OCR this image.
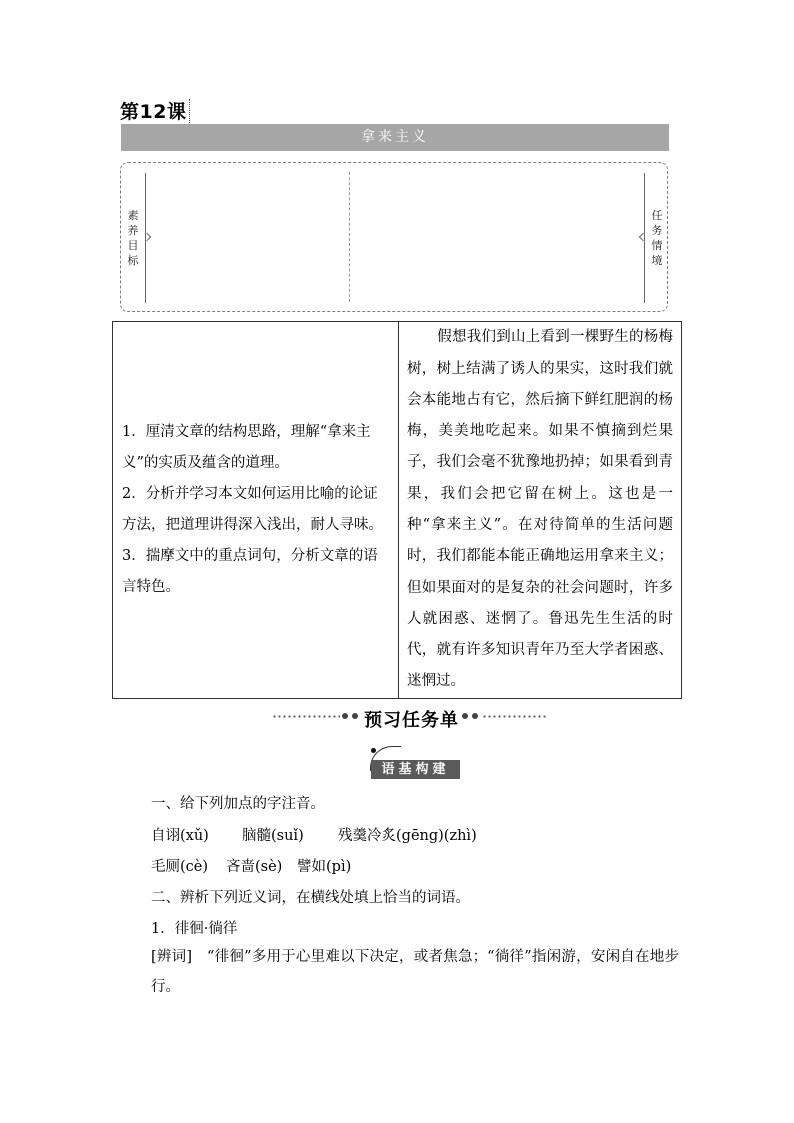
第12课
拿来主义
素
养
目
标
任
务
情
境
1．厘清文章的结构思路，理解“拿来主义”的实质及蕴含的道理。
2．分析并学习本文如何运用比喻的论证方法，把道理讲得深入浅出，耐人寻味。
3．揣摩文中的重点词句，分析文章的语言特色。

假想我们到山上看到一棵野生的杨梅树，树上结满了诱人的果实，这时我们就会本能地占有它，然后摘下鲜红肥润的杨梅，美美地吃起来。如果不慎摘到烂果子，我们会毫不犹豫地扔掉；如果看到青果，我们会把它留在树上。这也是一种“拿来主义”。在对待简单的生活问题时，我们都能本能正确地运用拿来主义；但如果面对的是复杂的社会问题时，许多人就困惑、迷惘了。鲁迅先生生活的时代，就有许多知识青年乃至大学者困惑、迷惘过。
预习任务单
语基构建
一、给下列加点的字注音。
自诩(xǔ) 脑髓(suǐ) 残羹冷炙(gēng)(zhì)
毛厕(cè) 吝啬(sè) 譬如(pì)
二、辨析下列近义词，在横线处填上恰当的词语。
1．徘徊·徜徉
[辨词]　“徘徊”多用于心里难以下决定，或者焦急；“徜徉”指闲游，安闲自在地步行。
